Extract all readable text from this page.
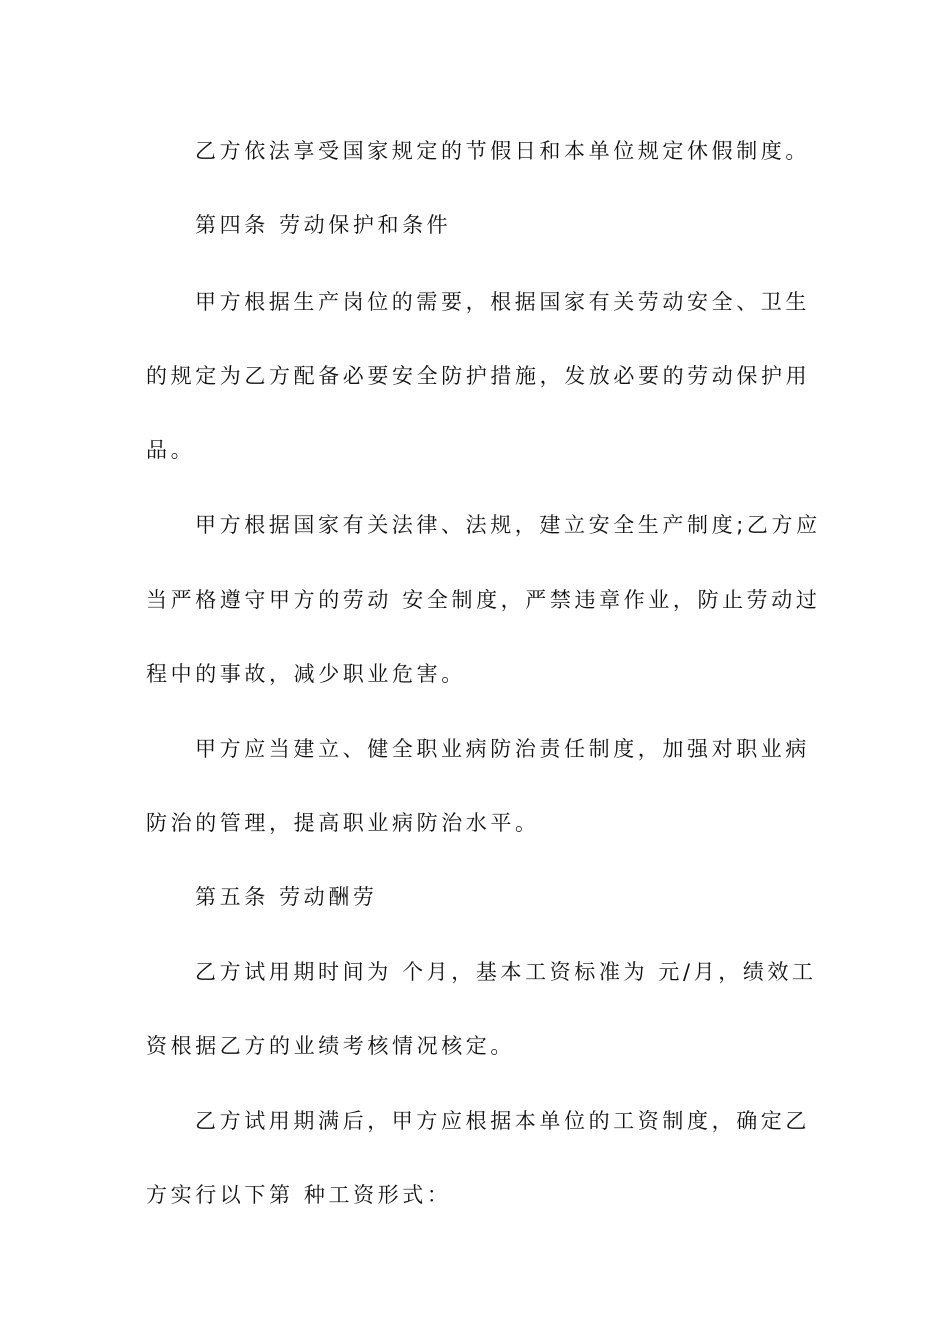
乙方依法享受国家规定的节假日和本单位规定休假制度。
第四条 劳动保护和条件
甲方根据生产岗位的需要，根据国家有关劳动安全、卫生
的规定为乙方配备必要安全防护措施，发放必要的劳动保护用
品。
甲方根据国家有关法律、法规，建立安全生产制度;乙方应
当严格遵守甲方的劳动 安全制度，严禁违章作业，防止劳动过
程中的事故，减少职业危害。
甲方应当建立、健全职业病防治责任制度，加强对职业病
防治的管理，提高职业病防治水平。
第五条 劳动酬劳
乙方试用期时间为 个月，基本工资标准为 元/月，绩效工
资根据乙方的业绩考核情况核定。
乙方试用期满后，甲方应根据本单位的工资制度，确定乙
方实行以下第 种工资形式：
